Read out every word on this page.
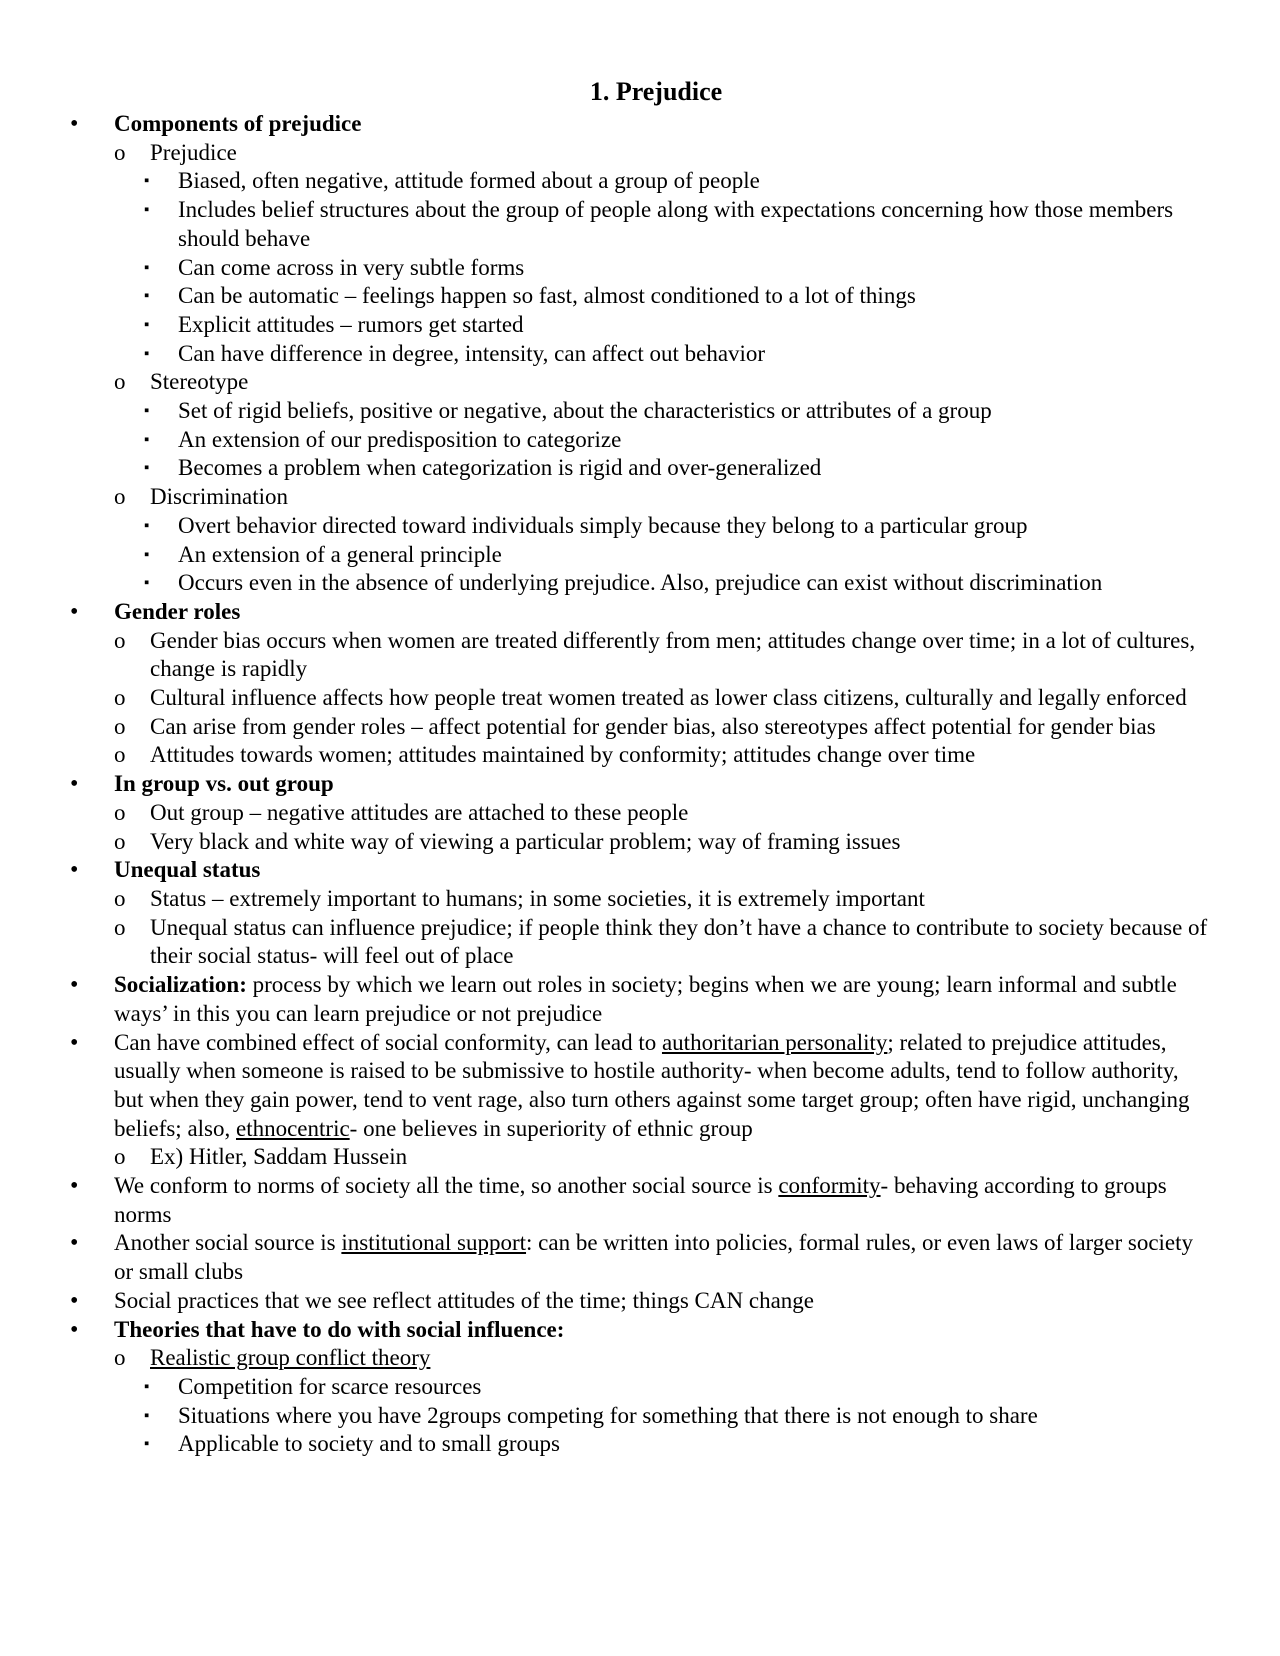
1. Prejudice
• Components of prejudice
o Prejudice
▪ Biased, often negative, attitude formed about a group of people
▪ Includes belief structures about the group of people along with expectations concerning how those members should behave
▪ Can come across in very subtle forms
▪ Can be automatic – feelings happen so fast, almost conditioned to a lot of things
▪ Explicit attitudes – rumors get started
▪ Can have difference in degree, intensity, can affect out behavior
o Stereotype
▪ Set of rigid beliefs, positive or negative, about the characteristics or attributes of a group
▪ An extension of our predisposition to categorize
▪ Becomes a problem when categorization is rigid and over-generalized
o Discrimination
▪ Overt behavior directed toward individuals simply because they belong to a particular group
▪ An extension of a general principle
▪ Occurs even in the absence of underlying prejudice. Also, prejudice can exist without discrimination
• Gender roles
o Gender bias occurs when women are treated differently from men; attitudes change over time; in a lot of cultures, change is rapidly
o Cultural influence affects how people treat women treated as lower class citizens, culturally and legally enforced
o Can arise from gender roles – affect potential for gender bias, also stereotypes affect potential for gender bias
o Attitudes towards women; attitudes maintained by conformity; attitudes change over time
• In group vs. out group
o Out group – negative attitudes are attached to these people
o Very black and white way of viewing a particular problem; way of framing issues
• Unequal status
o Status – extremely important to humans; in some societies, it is extremely important
o Unequal status can influence prejudice; if people think they don’t have a chance to contribute to society because of their social status- will feel out of place
• Socialization: process by which we learn out roles in society; begins when we are young; learn informal and subtle ways’ in this you can learn prejudice or not prejudice
• Can have combined effect of social conformity, can lead to authoritarian personality; related to prejudice attitudes, usually when someone is raised to be submissive to hostile authority- when become adults, tend to follow authority, but when they gain power, tend to vent rage, also turn others against some target group; often have rigid, unchanging beliefs; also, ethnocentric- one believes in superiority of ethnic group
o Ex) Hitler, Saddam Hussein
• We conform to norms of society all the time, so another social source is conformity- behaving according to groups norms
• Another social source is institutional support: can be written into policies, formal rules, or even laws of larger society or small clubs
• Social practices that we see reflect attitudes of the time; things CAN change
• Theories that have to do with social influence:
o Realistic group conflict theory
▪ Competition for scarce resources
▪ Situations where you have 2groups competing for something that there is not enough to share
▪ Applicable to society and to small groups
